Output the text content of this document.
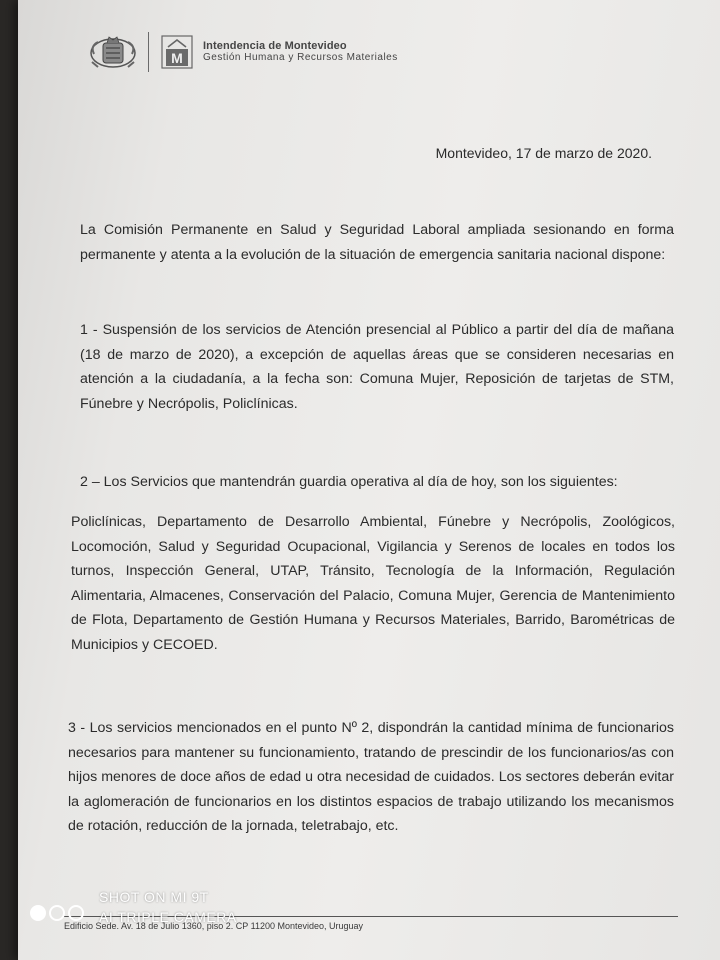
M
Intendencia de Montevideo
Gestión Humana y Recursos Materiales
Montevideo, 17 de marzo de 2020.
La Comisión Permanente en Salud y Seguridad Laboral ampliada sesionando en forma permanente y atenta a la evolución de la situación de emergencia sanitaria nacional dispone:
1 - Suspensión de los servicios de Atención presencial al Público a partir del día de mañana (18 de marzo de 2020), a excepción de aquellas áreas que se consideren necesarias en atención a la ciudadanía, a la fecha son: Comuna Mujer, Reposición de tarjetas de STM, Fúnebre y Necrópolis, Policlínicas.
2 – Los Servicios que mantendrán guardia operativa al día de hoy, son los siguientes:
Policlínicas, Departamento de Desarrollo Ambiental, Fúnebre y Necrópolis, Zoológicos, Locomoción, Salud y Seguridad Ocupacional, Vigilancia y Serenos de locales en todos los turnos, Inspección General, UTAP, Tránsito, Tecnología de la Información, Regulación Alimentaria, Almacenes, Conservación del Palacio, Comuna Mujer, Gerencia de Mantenimiento de Flota, Departamento de Gestión Humana y Recursos Materiales, Barrido, Barométricas de Municipios y CECOED.
3 - Los servicios mencionados en el punto Nº 2, dispondrán la cantidad mínima de funcionarios necesarios para mantener su funcionamiento, tratando de prescindir de los funcionarios/as con hijos menores de doce años de edad u otra necesidad de cuidados. Los sectores deberán evitar la aglomeración de funcionarios en los distintos espacios de trabajo utilizando los mecanismos de rotación, reducción de la jornada, teletrabajo, etc.
Edificio Sede. Av. 18 de Julio 1360, piso 2. CP 11200 Montevideo, Uruguay
SHOT ON MI 9T
AI TRIPLE CAMERA
